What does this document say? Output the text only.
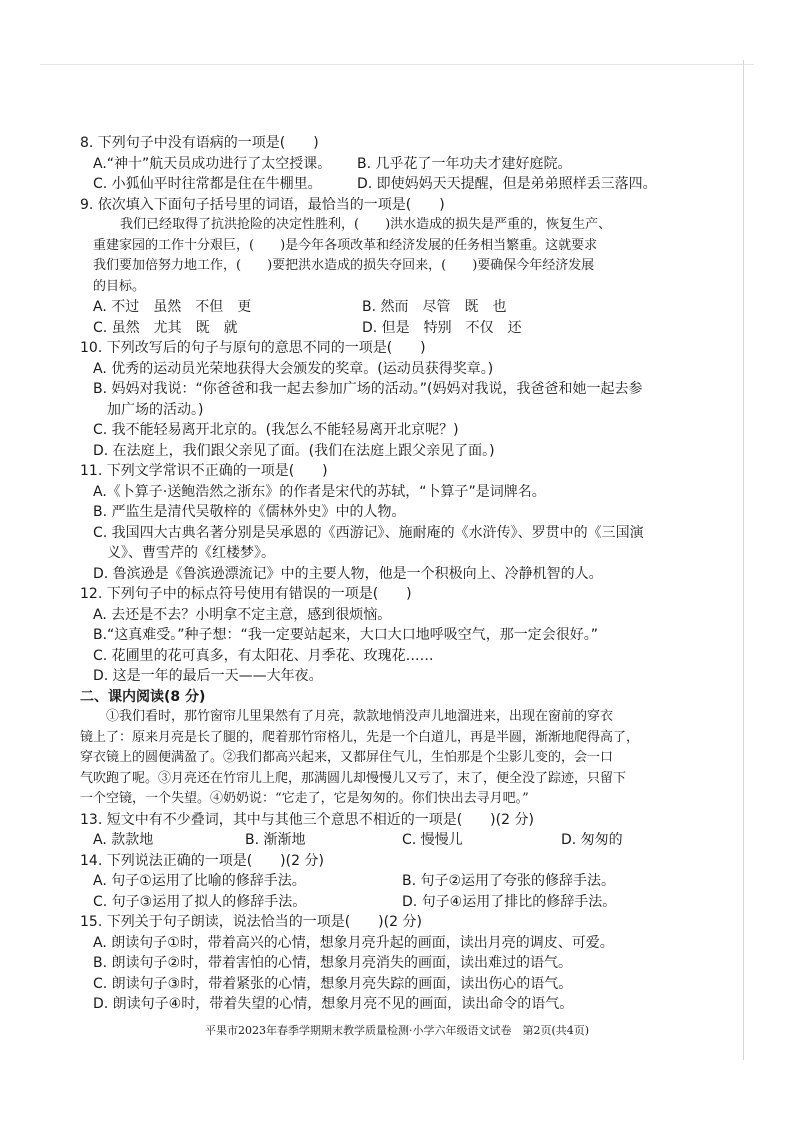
8. 下列句子中没有语病的一项是(　　)
A.“神十”航天员成功进行了太空授课。 B. 几乎花了一年功夫才建好庭院。
C. 小狐仙平时往常都是住在牛棚里。	D. 即使妈妈天天提醒，但是弟弟照样丢三落四。
9. 依次填入下面句子括号里的词语，最恰当的一项是(　　)
我们已经取得了抗洪抢险的决定性胜利，(　　)洪水造成的损失是严重的，恢复生产、
重建家园的工作十分艰巨，(　　)是今年各项改革和经济发展的任务相当繁重。这就要求
我们要加倍努力地工作，(　　)要把洪水造成的损失夺回来，(　　)要确保今年经济发展
的目标。
A. 不过　虽然　不但　更	B. 然而　尽管　既　也
C. 虽然　尤其　既　就	D. 但是　特别　不仅　还
10. 下列改写后的句子与原句的意思不同的一项是(　　)
A. 优秀的运动员光荣地获得大会颁发的奖章。(运动员获得奖章。)
B. 妈妈对我说：“你爸爸和我一起去参加广场的活动。”(妈妈对我说，我爸爸和她一起去参
加广场的活动。)
C. 我不能轻易离开北京的。(我怎么不能轻易离开北京呢？)
D. 在法庭上，我们跟父亲见了面。(我们在法庭上跟父亲见了面。)
11. 下列文学常识不正确的一项是(　　)
A.《卜算子·送鲍浩然之浙东》的作者是宋代的苏轼，“卜算子”是词牌名。
B. 严监生是清代吴敬梓的《儒林外史》中的人物。
C. 我国四大古典名著分别是吴承恩的《西游记》、施耐庵的《水浒传》、罗贯中的《三国演
义》、曹雪芹的《红楼梦》。
D. 鲁滨逊是《鲁滨逊漂流记》中的主要人物，他是一个积极向上、冷静机智的人。
12. 下列句子中的标点符号使用有错误的一项是(　　)
A. 去还是不去？小明拿不定主意，感到很烦恼。
B.“这真难受。”种子想：“我一定要站起来，大口大口地呼吸空气，那一定会很好。”
C. 花圃里的花可真多，有太阳花、月季花、玫瑰花……
D. 这是一年的最后一天——大年夜。
二、课内阅读(8 分)
①我们看时，那竹窗帘儿里果然有了月亮，款款地悄没声儿地溜进来，出现在窗前的穿衣
镜上了：原来月亮是长了腿的，爬着那竹帘格儿，先是一个白道儿，再是半圆，渐渐地爬得高了，
穿衣镜上的圆便满盈了。②我们都高兴起来，又都屏住气儿，生怕那是个尘影儿变的，会一口
气吹跑了呢。③月亮还在竹帘儿上爬，那满圆儿却慢慢儿又亏了，末了，便全没了踪迹，只留下
一个空镜，一个失望。④奶奶说：“它走了，它是匆匆的。你们快出去寻月吧。”
13. 短文中有不少叠词，其中与其他三个意思不相近的一项是(　　)(2 分)
A. 款款地	B. 渐渐地	C. 慢慢儿	D. 匆匆的
14. 下列说法正确的一项是(　　)(2 分)
A. 句子①运用了比喻的修辞手法。	B. 句子②运用了夸张的修辞手法。
C. 句子③运用了拟人的修辞手法。	D. 句子④运用了排比的修辞手法。
15. 下列关于句子朗读，说法恰当的一项是(　　)(2 分)
A. 朗读句子①时，带着高兴的心情，想象月亮升起的画面，读出月亮的调皮、可爱。
B. 朗读句子②时，带着害怕的心情，想象月亮消失的画面，读出难过的语气。
C. 朗读句子③时，带着紧张的心情，想象月亮失踪的画面，读出伤心的语气。
D. 朗读句子④时，带着失望的心情，想象月亮不见的画面，读出命令的语气。
平果市2023年春季学期期末教学质量检测·小学六年级语文试卷　第2页(共4页)
